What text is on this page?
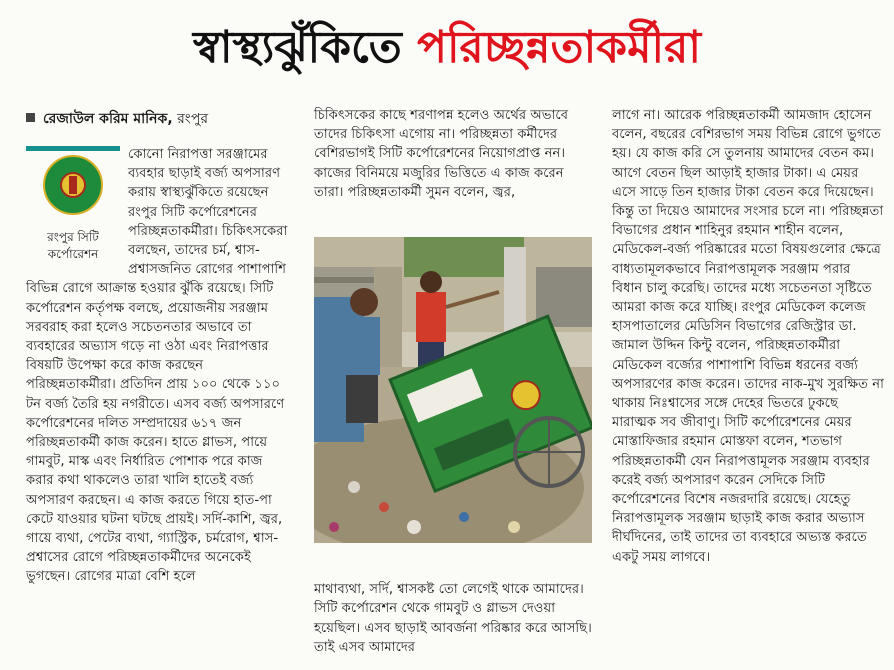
স্বাস্থ্যঝুঁকিতে পরিচ্ছন্নতাকর্মীরা
রেজাউল করিম মানিক, রংপুর
রংপুর সিটি কর্পোরেশন

কোনো নিরাপত্তা সরঞ্জামের ব্যবহার ছাড়াই বর্জ্য অপসারণ করায় স্বাস্থ্যঝুঁকিতে রয়েছেন রংপুর সিটি কর্পোরেশনের পরিচ্ছন্নতাকর্মীরা। চিকিৎসকেরা বলছেন, তাদের চর্ম, শ্বাস-

প্রশ্বাসজনিত রোগের পাশাপাশি বিভিন্ন রোগে আক্রান্ত হওয়ার ঝুঁকি রয়েছে। সিটি কর্পোরেশন কর্তৃপক্ষ বলছে, প্রয়োজনীয় সরঞ্জাম সরবরাহ করা হলেও সচেতনতার অভাবে তা ব্যবহারের অভ্যাস গড়ে না ওঠা এবং নিরাপত্তার বিষয়টি উপেক্ষা করে কাজ করছেন পরিচ্ছন্নতাকর্মীরা। প্রতিদিন প্রায় ১০০ থেকে ১১০ টন বর্জ্য তৈরি হয় নগরীতে। এসব বর্জ্য অপসারণে কর্পোরেশনের দলিত সম্প্রদায়ের ৬১৭ জন পরিচ্ছন্নতাকর্মী কাজ করেন। হাতে গ্লাভস, পায়ে গামবুট, মাস্ক এবং নির্ধারিত পোশাক পরে কাজ করার কথা থাকলেও তারা খালি হাতেই বর্জ্য অপসারণ করছেন। এ কাজ করতে গিয়ে হাত-পা কেটে যাওয়ার ঘটনা ঘটছে প্রায়ই। সর্দি-কাশি, জ্বর, গায়ে ব্যথা, পেটের ব্যথা, গ্যাস্ট্রিক, চর্মরোগ, শ্বাস-প্রশ্বাসের রোগে পরিচ্ছন্নতাকর্মীদের অনেকেই ভুগছেন। রোগের মাত্রা বেশি হলে

চিকিৎসকের কাছে শরণাপন্ন হলেও অর্থের অভাবে তাদের চিকিৎসা এগোয় না। পরিচ্ছন্নতা কর্মীদের বেশিরভাগই সিটি কর্পোরেশনের নিয়োগপ্রাপ্ত নন। কাজের বিনিময়ে মজুরির ভিত্তিতে এ কাজ করেন তারা। পরিচ্ছন্নতাকর্মী সুমন বলেন, জ্বর,

মাথাব্যথা, সর্দি, শ্বাসকষ্ট তো লেগেই থাকে আমাদের। সিটি কর্পোরেশন থেকে গামবুট ও গ্লাভস দেওয়া হয়েছিল। এসব ছাড়াই আবর্জনা পরিষ্কার করে আসছি। তাই এসব আমাদের

লাগে না। আরেক পরিচ্ছন্নতাকর্মী আমজাদ হোসেন বলেন, বছরের বেশিরভাগ সময় বিভিন্ন রোগে ভুগতে হয়। যে কাজ করি সে তুলনায় আমাদের বেতন কম। আগে বেতন ছিল আড়াই হাজার টাকা। এ মেয়র এসে সাড়ে তিন হাজার টাকা বেতন করে দিয়েছেন। কিন্তু তা দিয়েও আমাদের সংসার চলে না। পরিচ্ছন্নতা বিভাগের প্রধান শাহিনুর রহমান শাহীন বলেন, মেডিকেল-বর্জ্য পরিষ্কারের মতো বিষয়গুলোর ক্ষেত্রে বাধ্যতামূলকভাবে নিরাপত্তামূলক সরঞ্জাম পরার বিধান চালু করেছি। তাদের মধ্যে সচেতনতা সৃষ্টিতে আমরা কাজ করে যাচ্ছি। রংপুর মেডিকেল কলেজ হাসপাতালের মেডিসিন বিভাগের রেজিস্ট্রার ডা. জামাল উদ্দিন কিন্টু বলেন, পরিচ্ছন্নতাকর্মীরা মেডিকেল বর্জ্যের পাশাপাশি বিভিন্ন ধরনের বর্জ্য অপসারণের কাজ করেন। তাদের নাক-মুখ সুরক্ষিত না থাকায় নিঃশ্বাসের সঙ্গে দেহের ভিতরে ঢুকছে মারাত্মক সব জীবাণু। সিটি কর্পোরেশনের মেয়র মোস্তাফিজার রহমান মোস্তফা বলেন, শতভাগ পরিচ্ছন্নতাকর্মী যেন নিরাপত্তামূলক সরঞ্জাম ব্যবহার করেই বর্জ্য অপসারণ করেন সেদিকে সিটি কর্পোরেশনের বিশেষ নজরদারি রয়েছে। যেহেতু নিরাপত্তামূলক সরঞ্জাম ছাড়াই কাজ করার অভ্যাস দীর্ঘদিনের, তাই তাদের তা ব্যবহারে অভ্যস্ত করতে একটু সময় লাগবে।
